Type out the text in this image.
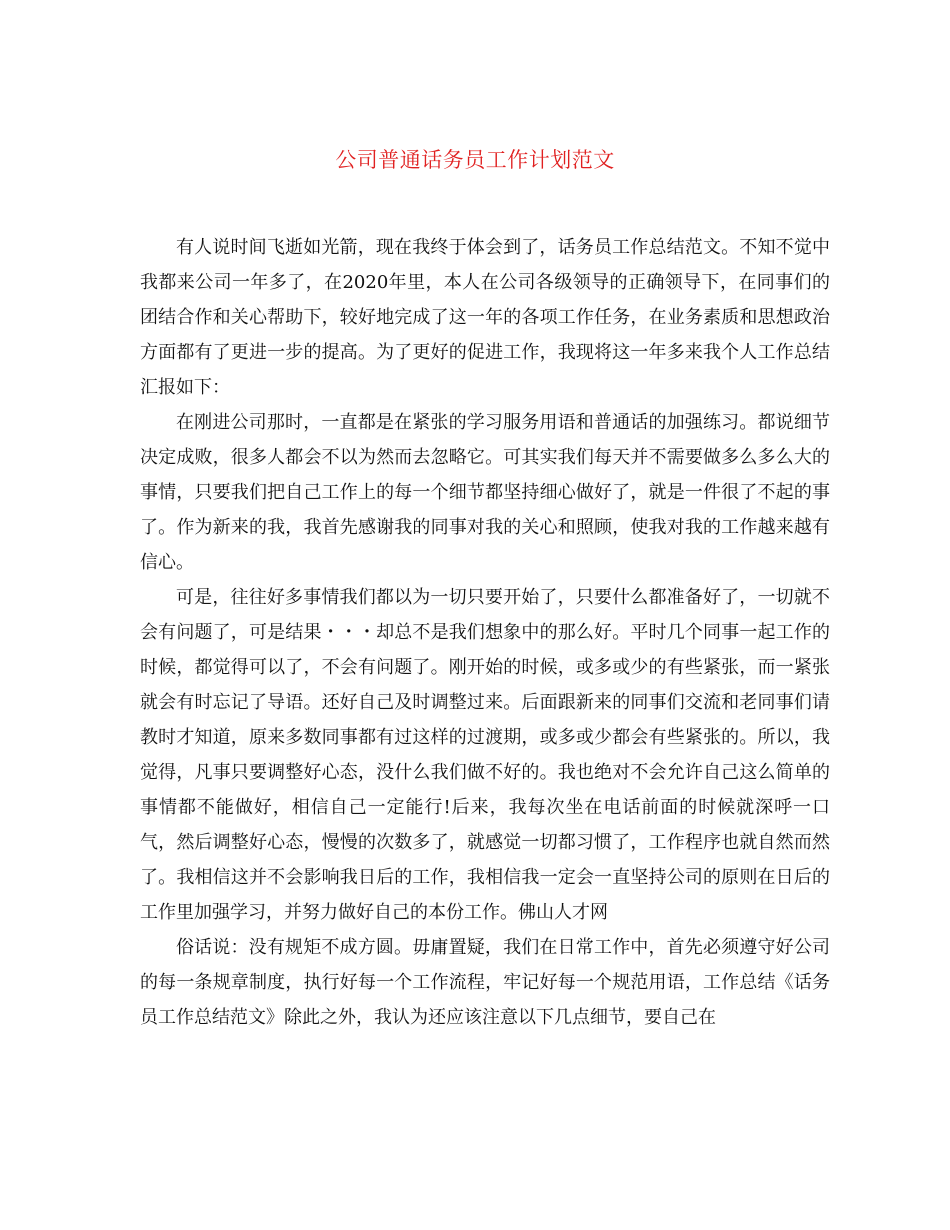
公司普通话务员工作计划范文

有人说时间飞逝如光箭，现在我终于体会到了，话务员工作总结范文。不知不觉中我都来公司一年多了，在2020年里，本人在公司各级领导的正确领导下，在同事们的团结合作和关心帮助下，较好地完成了这一年的各项工作任务，在业务素质和思想政治方面都有了更进一步的提高。为了更好的促进工作，我现将这一年多来我个人工作总结汇报如下：

在刚进公司那时，一直都是在紧张的学习服务用语和普通话的加强练习。都说细节决定成败，很多人都会不以为然而去忽略它。可其实我们每天并不需要做多么多么大的事情，只要我们把自己工作上的每一个细节都坚持细心做好了，就是一件很了不起的事了。作为新来的我，我首先感谢我的同事对我的关心和照顾，使我对我的工作越来越有信心。

可是，往往好多事情我们都以为一切只要开始了，只要什么都准备好了，一切就不会有问题了，可是结果・・・却总不是我们想象中的那么好。平时几个同事一起工作的时候，都觉得可以了，不会有问题了。刚开始的时候，或多或少的有些紧张，而一紧张就会有时忘记了导语。还好自己及时调整过来。后面跟新来的同事们交流和老同事们请教时才知道，原来多数同事都有过这样的过渡期，或多或少都会有些紧张的。所以，我觉得，凡事只要调整好心态，没什么我们做不好的。我也绝对不会允许自己这么简单的事情都不能做好，相信自己一定能行!后来，我每次坐在电话前面的时候就深呼一口气，然后调整好心态，慢慢的次数多了，就感觉一切都习惯了，工作程序也就自然而然了。我相信这并不会影响我日后的工作，我相信我一定会一直坚持公司的原则在日后的工作里加强学习，并努力做好自己的本份工作。佛山人才网

俗话说：没有规矩不成方圆。毋庸置疑，我们在日常工作中，首先必须遵守好公司的每一条规章制度，执行好每一个工作流程，牢记好每一个规范用语，工作总结《话务员工作总结范文》除此之外，我认为还应该注意以下几点细节，要自己在
